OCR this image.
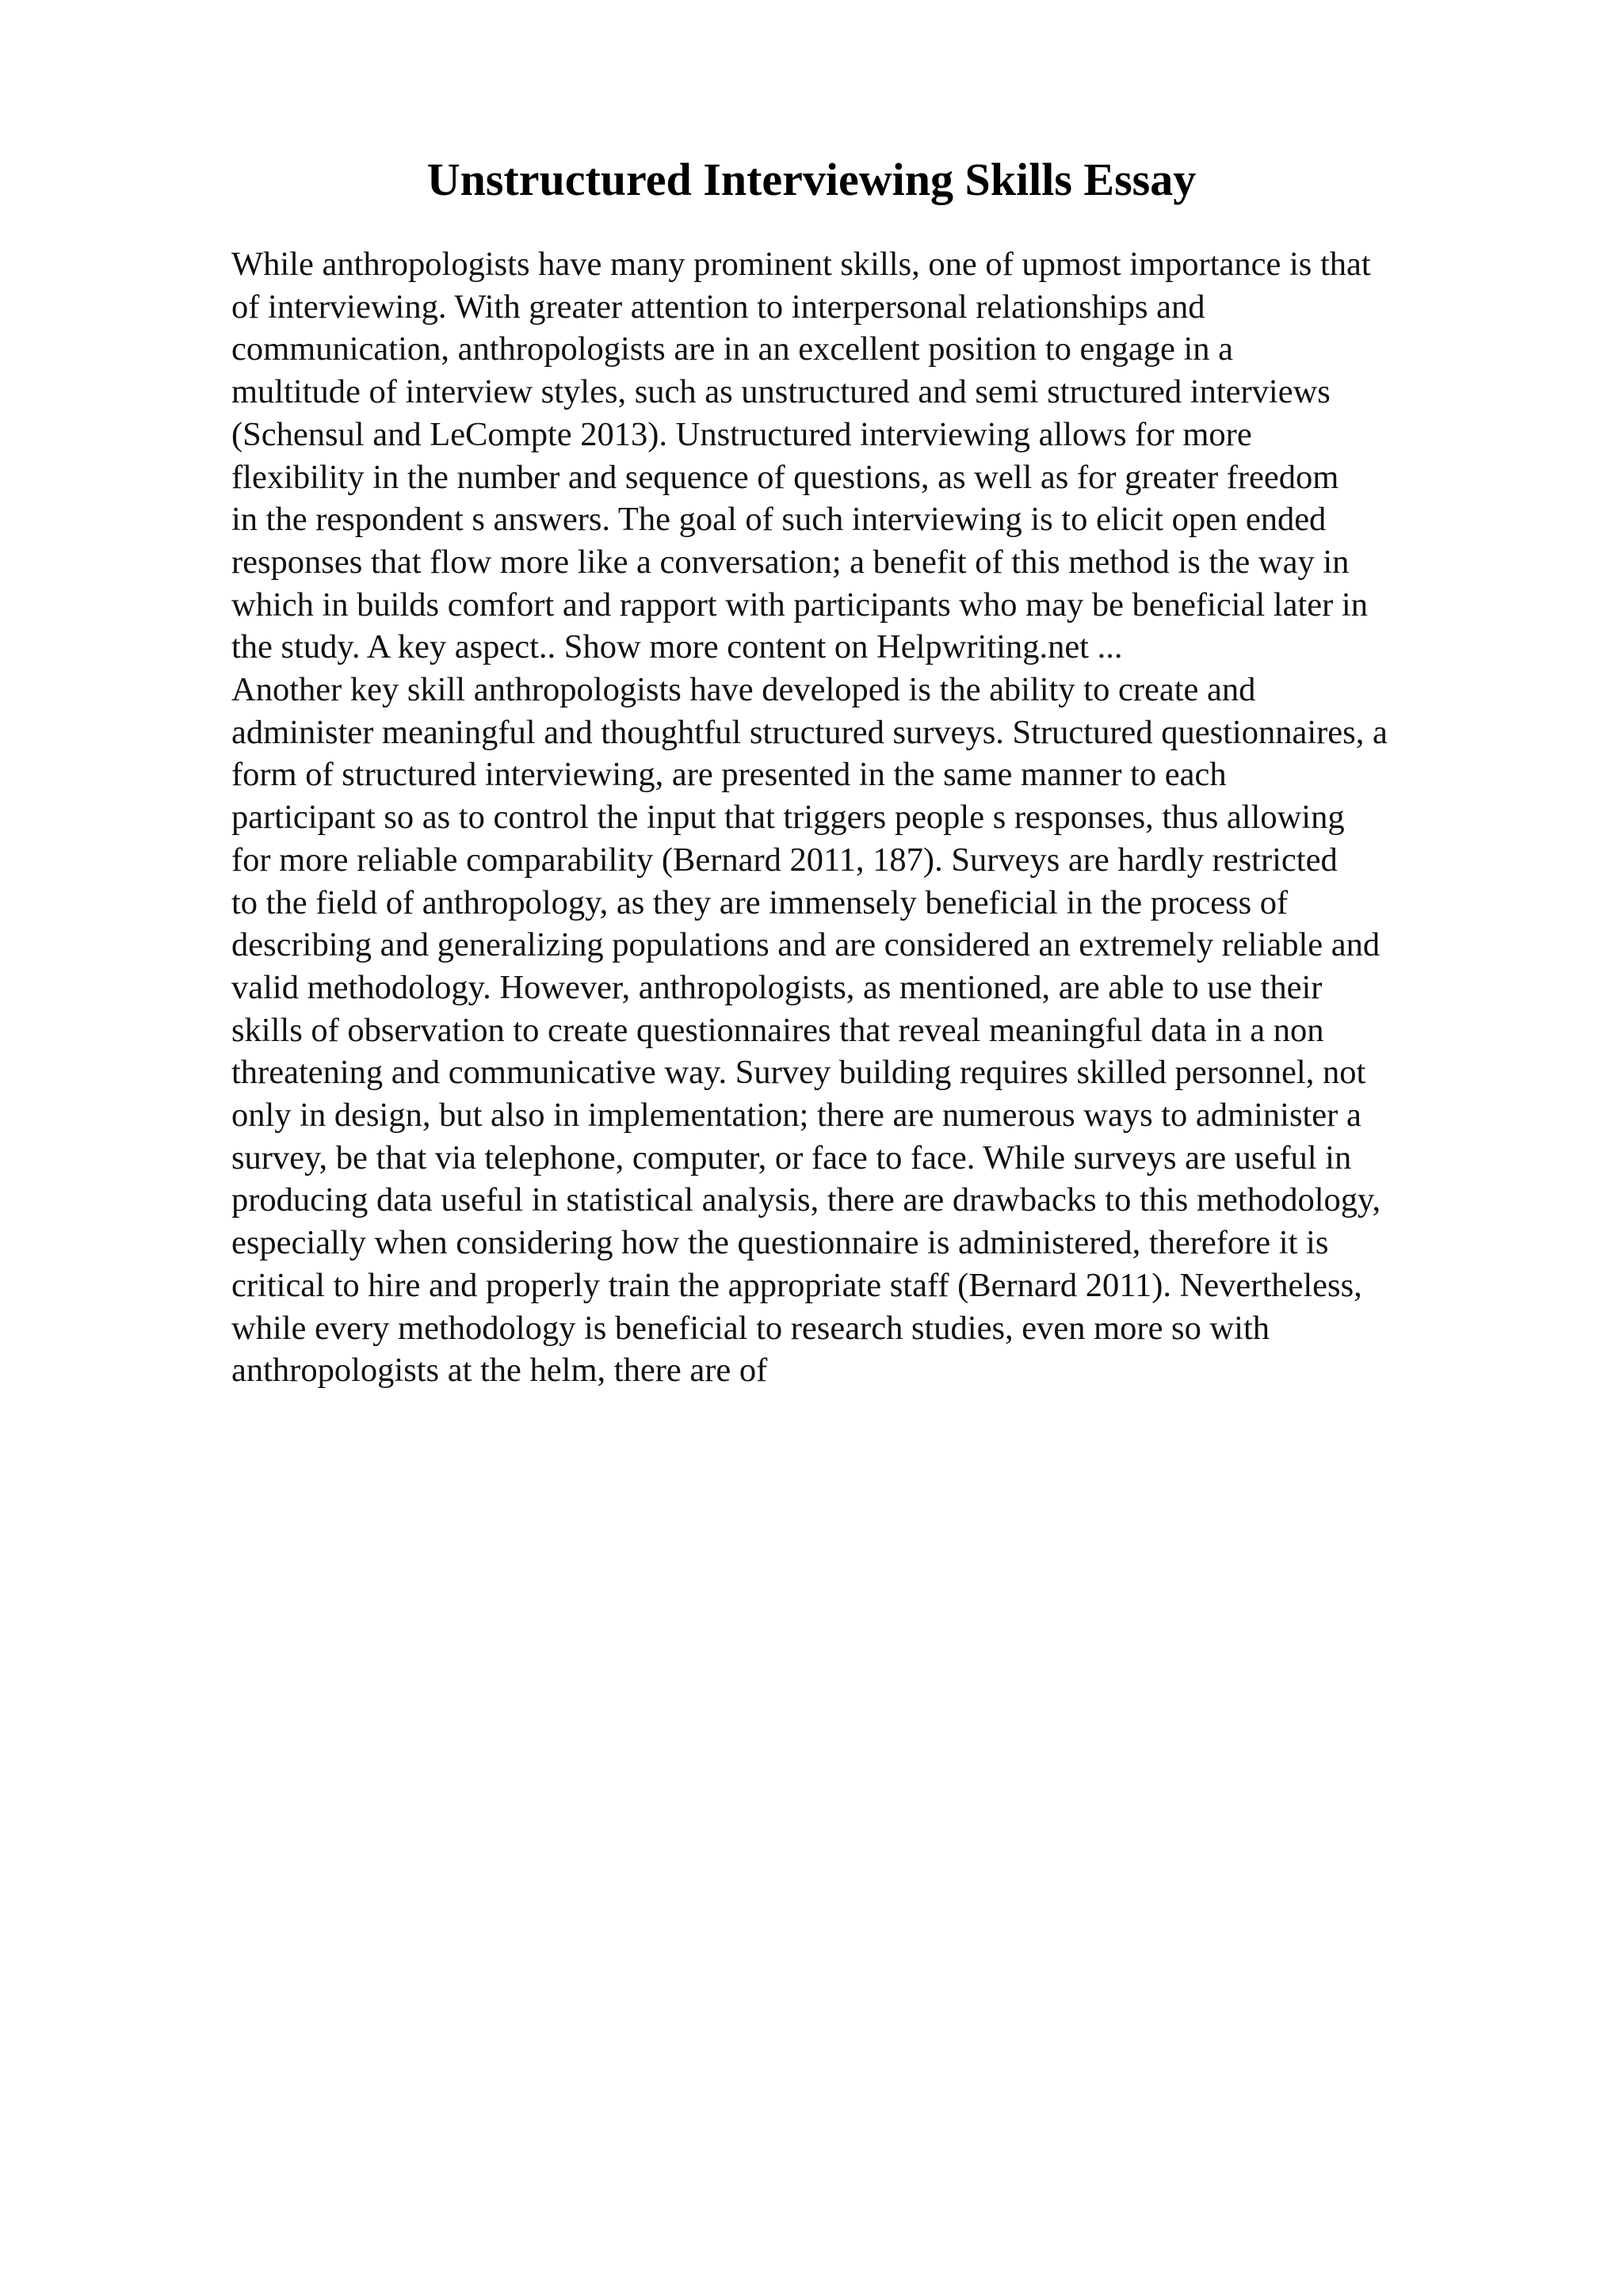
Unstructured Interviewing Skills Essay
While anthropologists have many prominent skills, one of upmost importance is that
of interviewing. With greater attention to interpersonal relationships and
communication, anthropologists are in an excellent position to engage in a
multitude of interview styles, such as unstructured and semi structured interviews
(Schensul and LeCompte 2013). Unstructured interviewing allows for more
flexibility in the number and sequence of questions, as well as for greater freedom
in the respondent s answers. The goal of such interviewing is to elicit open ended
responses that flow more like a conversation; a benefit of this method is the way in
which in builds comfort and rapport with participants who may be beneficial later in
the study. A key aspect.. Show more content on Helpwriting.net ...
Another key skill anthropologists have developed is the ability to create and
administer meaningful and thoughtful structured surveys. Structured questionnaires, a
form of structured interviewing, are presented in the same manner to each
participant so as to control the input that triggers people s responses, thus allowing
for more reliable comparability (Bernard 2011, 187). Surveys are hardly restricted
to the field of anthropology, as they are immensely beneficial in the process of
describing and generalizing populations and are considered an extremely reliable and
valid methodology. However, anthropologists, as mentioned, are able to use their
skills of observation to create questionnaires that reveal meaningful data in a non
threatening and communicative way. Survey building requires skilled personnel, not
only in design, but also in implementation; there are numerous ways to administer a
survey, be that via telephone, computer, or face to face. While surveys are useful in
producing data useful in statistical analysis, there are drawbacks to this methodology,
especially when considering how the questionnaire is administered, therefore it is
critical to hire and properly train the appropriate staff (Bernard 2011). Nevertheless,
while every methodology is beneficial to research studies, even more so with
anthropologists at the helm, there are of
